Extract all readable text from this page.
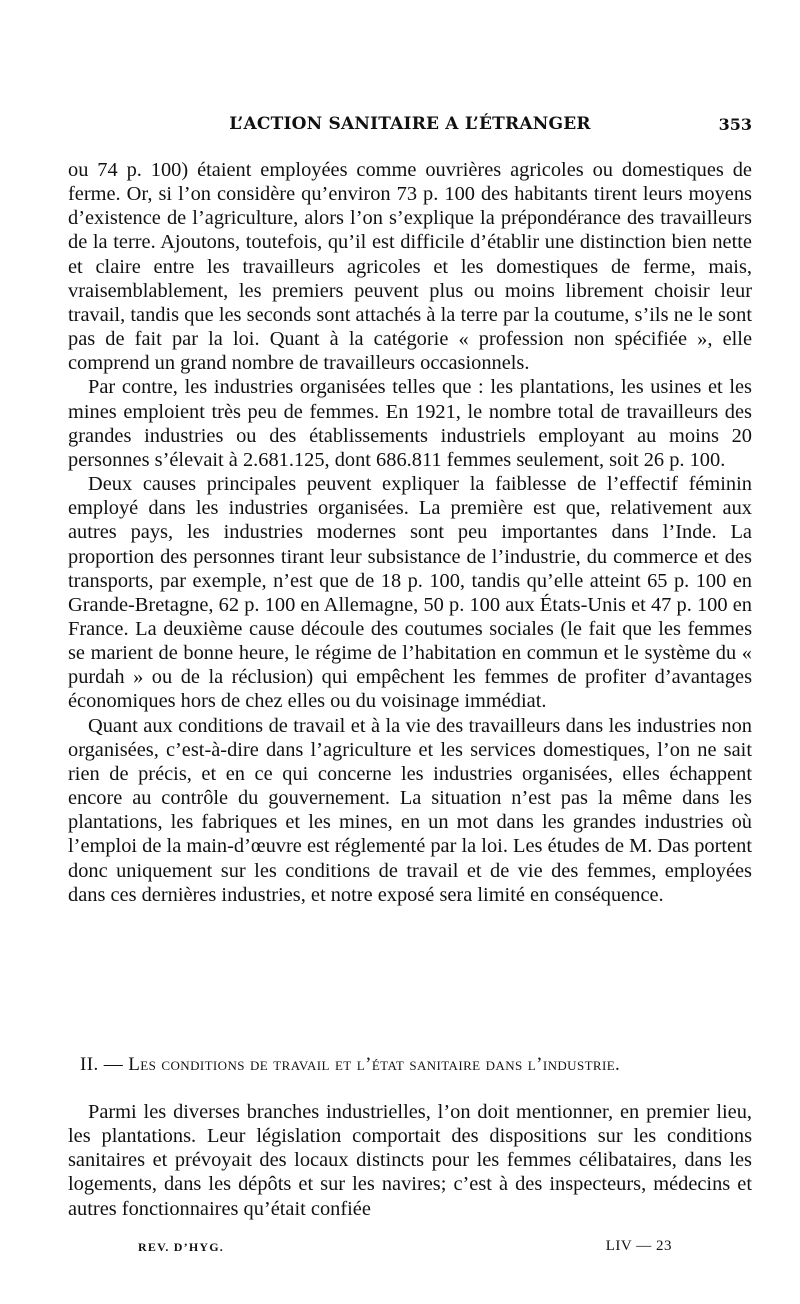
L’ACTION SANITAIRE A L’ÉTRANGER	353

ou 74 p. 100) étaient employées comme ouvrières agricoles ou domestiques de ferme. Or, si l’on considère qu’environ 73 p. 100 des habitants tirent leurs moyens d’existence de l’agriculture, alors l’on s’explique la prépondérance des travailleurs de la terre. Ajoutons, toutefois, qu’il est difficile d’établir une distinction bien nette et claire entre les travailleurs agricoles et les domestiques de ferme, mais, vraisemblablement, les premiers peuvent plus ou moins librement choisir leur travail, tandis que les seconds sont attachés à la terre par la coutume, s’ils ne le sont pas de fait par la loi. Quant à la catégorie « profession non spécifiée », elle comprend un grand nombre de travailleurs occasionnels.

Par contre, les industries organisées telles que : les plantations, les usines et les mines emploient très peu de femmes. En 1921, le nombre total de travailleurs des grandes industries ou des établissements industriels employant au moins 20 personnes s’élevait à 2.681.125, dont 686.811 femmes seulement, soit 26 p. 100.

Deux causes principales peuvent expliquer la faiblesse de l’effectif féminin employé dans les industries organisées. La première est que, relativement aux autres pays, les industries modernes sont peu importantes dans l’Inde. La proportion des personnes tirant leur subsistance de l’industrie, du commerce et des transports, par exemple, n’est que de 18 p. 100, tandis qu’elle atteint 65 p. 100 en Grande-Bretagne, 62 p. 100 en Allemagne, 50 p. 100 aux États-Unis et 47 p. 100 en France. La deuxième cause découle des coutumes sociales (le fait que les femmes se marient de bonne heure, le régime de l’habitation en commun et le système du « purdah » ou de la réclusion) qui empêchent les femmes de profiter d’avantages économiques hors de chez elles ou du voisinage immédiat.

Quant aux conditions de travail et à la vie des travailleurs dans les industries non organisées, c’est-à-dire dans l’agriculture et les services domestiques, l’on ne sait rien de précis, et en ce qui concerne les industries organisées, elles échappent encore au contrôle du gouvernement. La situation n’est pas la même dans les plantations, les fabriques et les mines, en un mot dans les grandes industries où l’emploi de la main-d’œuvre est réglementé par la loi. Les études de M. Das portent donc uniquement sur les conditions de travail et de vie des femmes, employées dans ces dernières industries, et notre exposé sera limité en conséquence.

II. — Les conditions de travail et l’état sanitaire dans l’industrie.

Parmi les diverses branches industrielles, l’on doit mentionner, en premier lieu, les plantations. Leur législation comportait des dispositions sur les conditions sanitaires et prévoyait des locaux distincts pour les femmes célibataires, dans les logements, dans les dépôts et sur les navires; c’est à des inspecteurs, médecins et autres fonctionnaires qu’était confiée

REV. D’HYG.	LIV — 23
